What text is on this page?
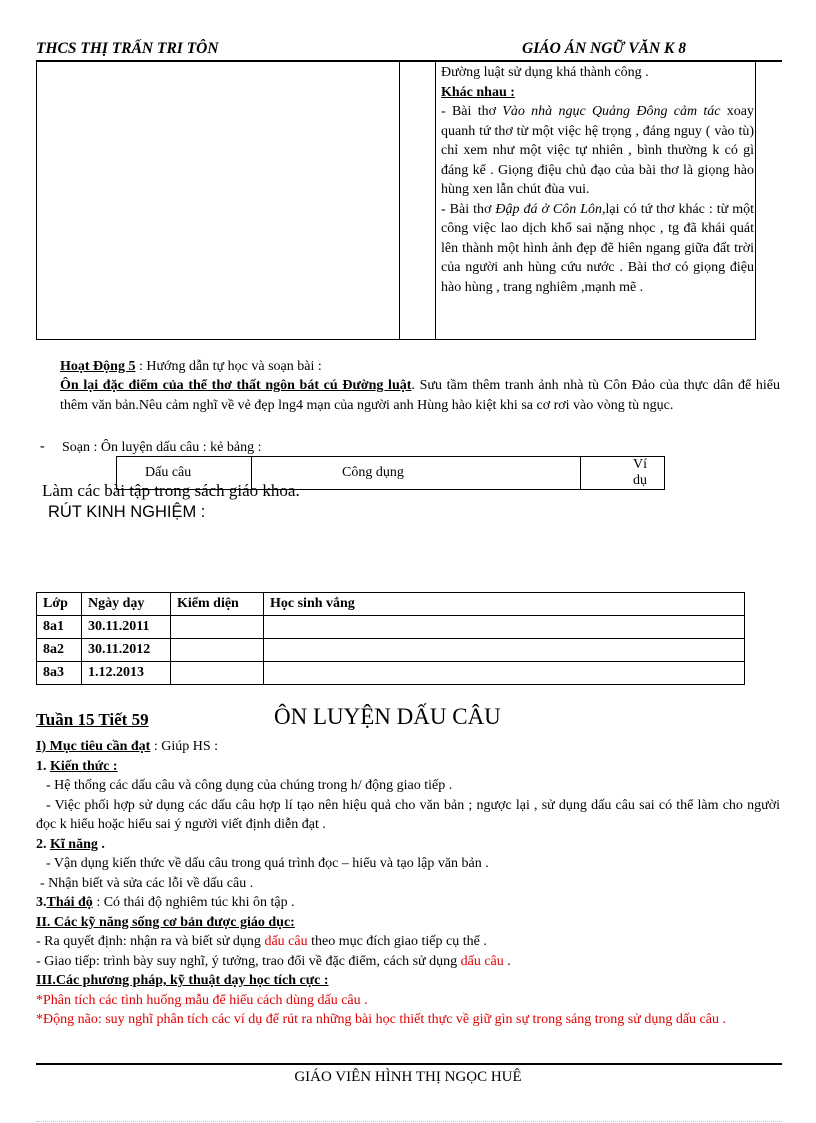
THCS THỊ TRẤN TRI TÔN	GIÁO ÁN NGỮ VĂN K 8

Đường luật sử dụng khá thành công .

Khác nhau :

- Bài thơ Vào nhà ngục Quảng Đông cảm tác xoay quanh tứ thơ từ một việc hệ trọng , đáng nguy ( vào tù) chỉ xem như một việc tự nhiên , bình thường k có gì đáng kể . Giọng điệu chủ đạo của bài thơ là giọng hào hùng xen lẫn chút đùa vui.

- Bài thơ Đập đá ở Côn Lôn,lại có tứ thơ khác : từ một công việc lao dịch khổ sai nặng nhọc , tg đã khái quát lên thành một hình ảnh đẹp đẽ hiên ngang giữa đất trời của người anh hùng cứu nước . Bài thơ có giọng điệu hào hùng , trang nghiêm ,mạnh mẽ .

Hoạt Động 5 : Hướng dẫn tự học và soạn bài :

Ôn lại đặc điểm của thể thơ thất ngôn bát cú Đường luật. Sưu tầm thêm tranh ảnh nhà tù Côn Đảo của thực dân để hiểu thêm văn bản.Nêu cảm nghĩ về vẻ đẹp lng4 mạn của người anh Hùng hào kiệt khi sa cơ rơi vào vòng tù ngục.

- Soạn : Ôn luyện dấu câu : kẻ bảng :
Dấu câu	Công dụng	Ví dụ
Làm các bài tập trong sách giáo khoa.
RÚT KINH NGHIỆM :
Lớp	Ngày dạy	Kiểm diện	Học sinh vắng
8a1	30.11.2011		
8a2	30.11.2012		
8a3	1.12.2013		
Tuần 15 Tiết 59	ÔN LUYỆN DẤU CÂU

I) Mục tiêu cần đạt : Giúp HS :

1. Kiến thức :

- Hệ thống các dấu câu và công dụng của chúng trong h/ động giao tiếp .

- Việc phối hợp sử dụng các dấu câu hợp lí tạo nên hiệu quả cho văn bản ; ngược lại , sử dụng dấu câu sai có thể làm cho người đọc k hiểu hoặc hiểu sai ý người viết định diễn đạt .

2. Kĩ năng .

- Vận dụng kiến thức về dấu câu trong quá trình đọc – hiểu và tạo lập văn bản .

- Nhận biết và sửa các lỗi về dấu câu .

3.Thái độ : Có thái độ nghiêm túc khi ôn tập .

II. Các kỹ năng sống cơ bản được giáo dục:

- Ra quyết định: nhận ra và biết sử dụng dấu câu theo mục đích giao tiếp cụ thể .

- Giao tiếp: trình bày suy nghĩ, ý tưởng, trao đổi về đặc điểm, cách sử dụng dấu câu .

III.Các phương pháp, kỹ thuật dạy học tích cực :

*Phân tích các tình huống mẫu để hiểu cách dùng dấu câu .

*Động não: suy nghĩ phân tích các ví dụ để rút ra những bài học thiết thực về giữ gìn sự trong sáng trong sử dụng dấu câu .

GIÁO VIÊN HÌNH THỊ NGỌC HUÊ
